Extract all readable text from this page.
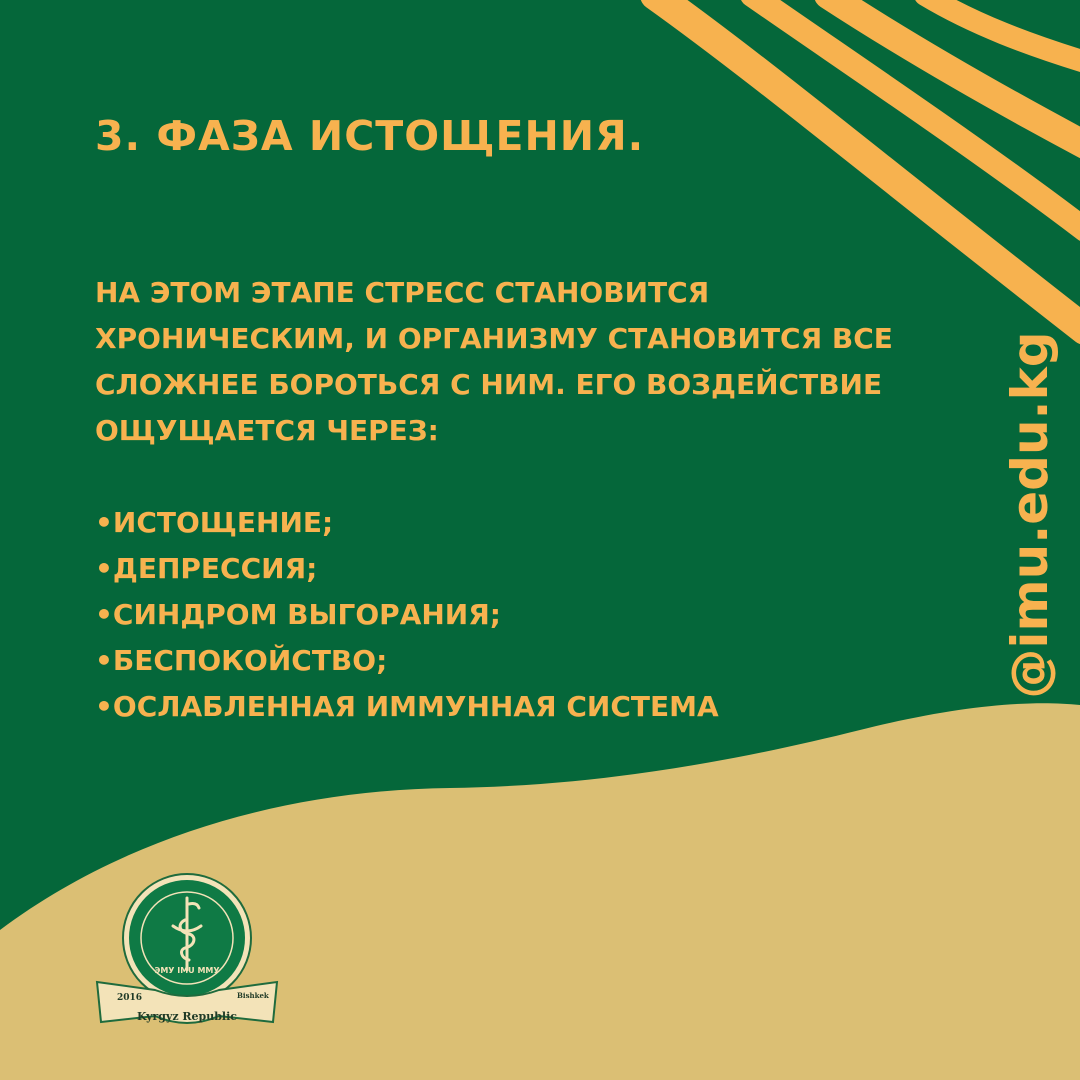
3. ФАЗА ИСТОЩЕНИЯ.

НА ЭТОМ ЭТАПЕ СТРЕСС СТАНОВИТСЯ

ХРОНИЧЕСКИМ, И ОРГАНИЗМУ СТАНОВИТСЯ ВСЕ

СЛОЖНЕЕ БОРОТЬСЯ С НИМ. ЕГО ВОЗДЕЙСТВИЕ

ОЩУЩАЕТСЯ ЧЕРЕЗ:

•ИСТОЩЕНИЕ;
•ДЕПРЕССИЯ;
•СИНДРОМ ВЫГОРАНИЯ;
•БЕСПОКОЙСТВО;
•ОСЛАБЛЕННАЯ ИММУННАЯ СИСТЕМА
@imu.edu.kg
ЭМУ IMU МMУ
2016	Bishkek
Kyrgyz Republic
